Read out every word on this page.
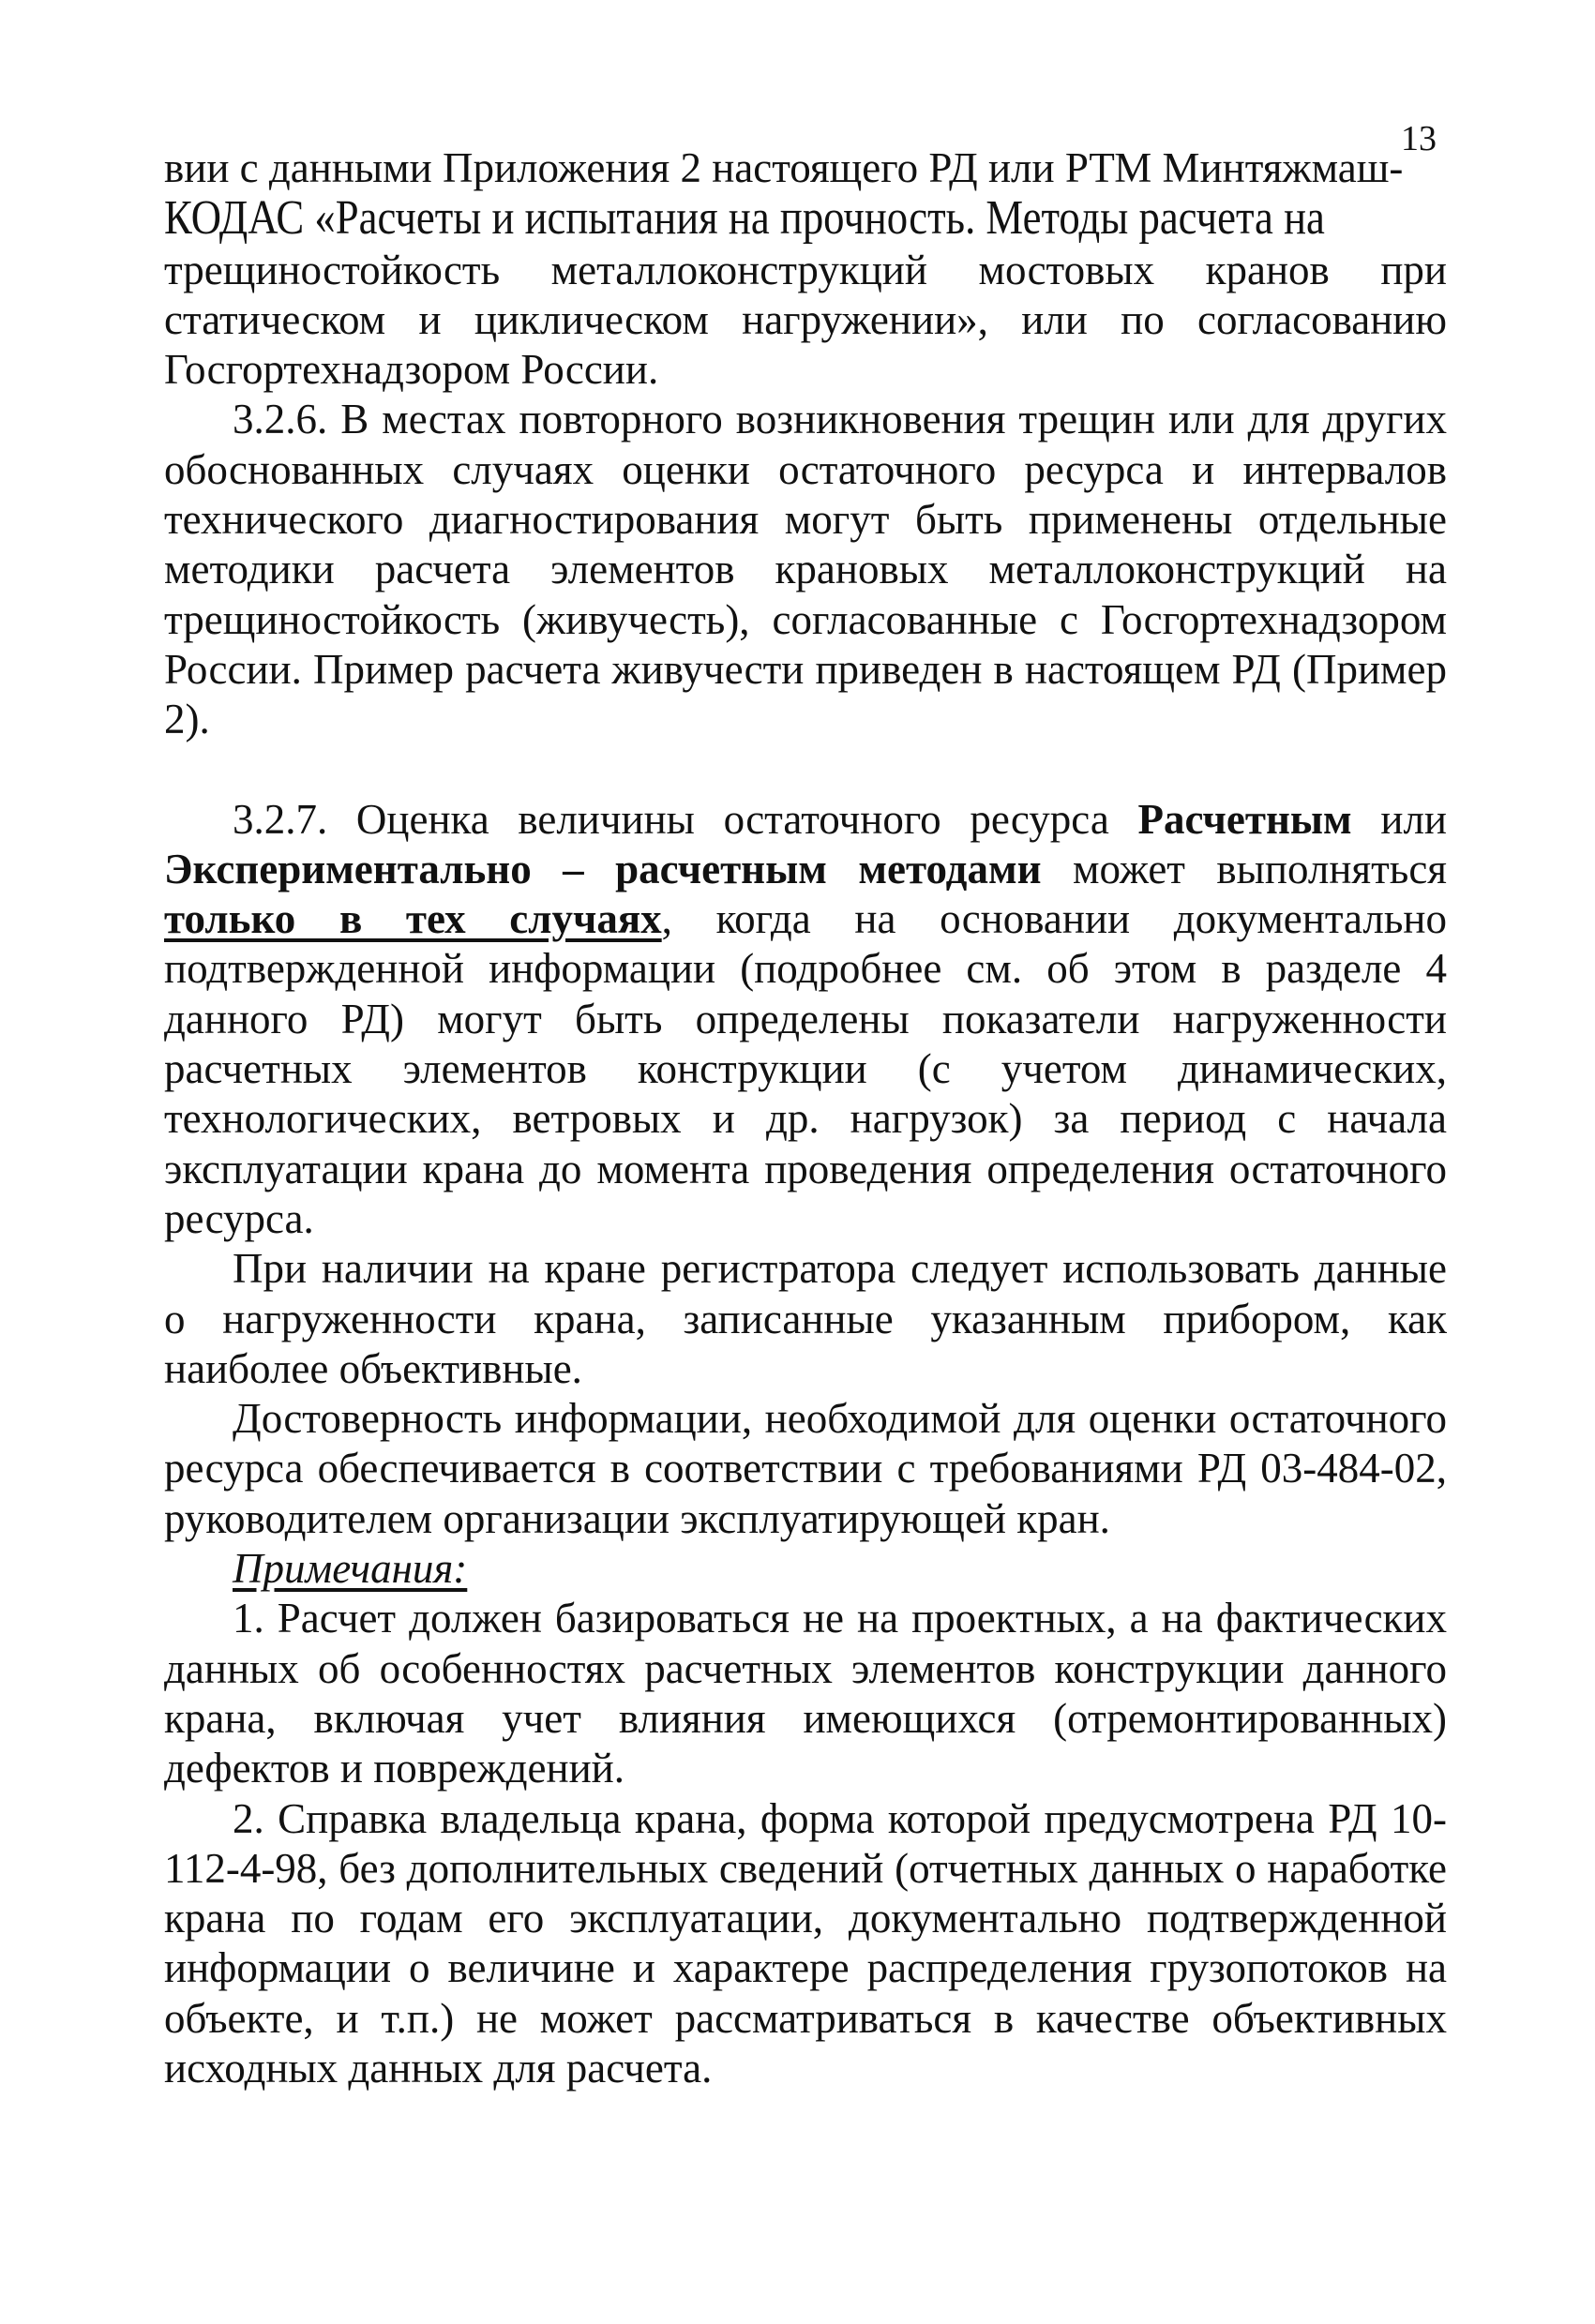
13

вии с данными Приложения 2 настоящего РД или РТМ Минтяжмаш-
КОДАС «Расчеты и испытания на прочность. Методы расчета на
трещиностойкость металлоконструкций мостовых кранов при статическом и циклическом нагружении», или по согласованию Госгортехнадзором России.

3.2.6. В местах повторного возникновения трещин или для других обоснованных случаях оценки остаточного ресурса и интервалов технического диагностирования могут быть применены отдельные методики расчета элементов крановых металлоконструкций на трещиностойкость (живучесть), согласованные с Госгортехнадзором России. Пример расчета живучести приведен в настоящем РД (Пример 2).

3.2.7. Оценка величины остаточного ресурса Расчетным или Экспериментально – расчетным методами может выполняться только в тех случаях, когда на основании документально подтвержденной информации (подробнее см. об этом в разделе 4 данного РД) могут быть определены показатели нагруженности расчетных элементов конструкции (с учетом динамических, технологических, ветровых и др. нагрузок) за период с начала эксплуатации крана до момента проведения определения остаточного ресурса.

При наличии на кране регистратора следует использовать данные о нагруженности крана, записанные указанным прибором, как наиболее объективные.

Достоверность информации, необходимой для оценки остаточного ресурса обеспечивается в соответствии с требованиями РД 03-484-02, руководителем организации эксплуатирующей кран.

Примечания:

1. Расчет должен базироваться не на проектных, а на фактических данных об особенностях расчетных элементов конструкции данного крана, включая учет влияния имеющихся (отремонтированных) дефектов и повреждений.

2. Справка владельца крана, форма которой предусмотрена РД 10-112-4-98, без дополнительных сведений (отчетных данных о наработке крана по годам его эксплуатации, документально подтвержденной информации о величине и характере распределения грузопотоков на объекте, и т.п.) не может рассматриваться в качестве объективных исходных данных для расчета.
